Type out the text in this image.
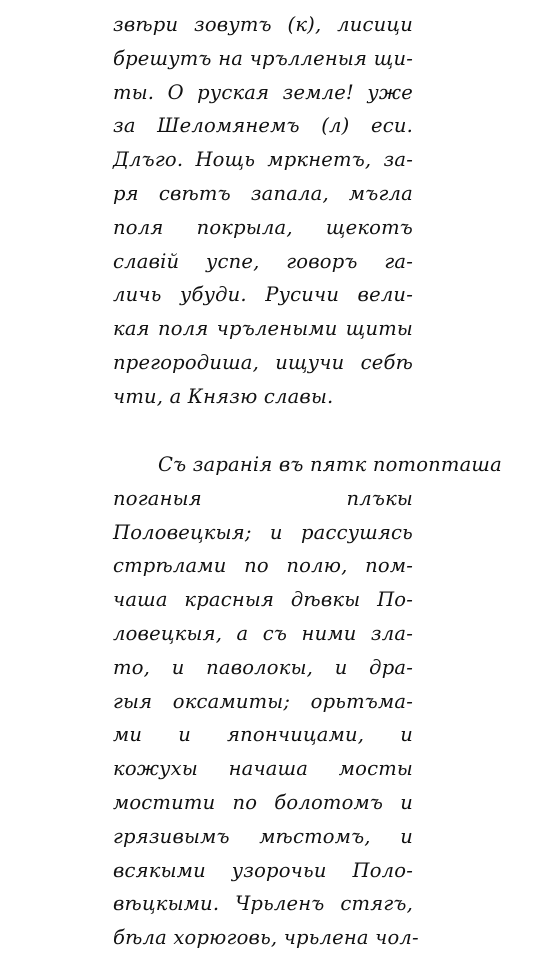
звѣри зовутъ (к), лисици
брешутъ на чрълленыя щи-
ты. О руская земле! уже
за Шеломянемъ (л) еси.
Длъго. Нощь мркнетъ, за-
ря свѣтъ запала, мъгла
поля покрыла, щекотъ
славій успе, говоръ га-
личь убуди. Русичи вели-
кая поля чрълеными щиты
прегородиша, ищучи себѣ
чти, а Князю славы.
Съ заранія въ пятк потопташа
поганыя плъкы
Половецкыя; и рассушясь
стрѣлами по полю, пом-
чаша красныя дѣвкы По-
ловецкыя, а съ ними зла-
то, и паволокы, и дра-
гыя оксамиты; орьтъма-
ми и япончицами, и
кожухы начаша мосты
мостити по болотомъ и
грязивымъ мѣстомъ, и
всякыми узорочьи Поло-
вѣцкыми. Чрьленъ стягъ,
бѣла хорюговь, чрьлена чол-
